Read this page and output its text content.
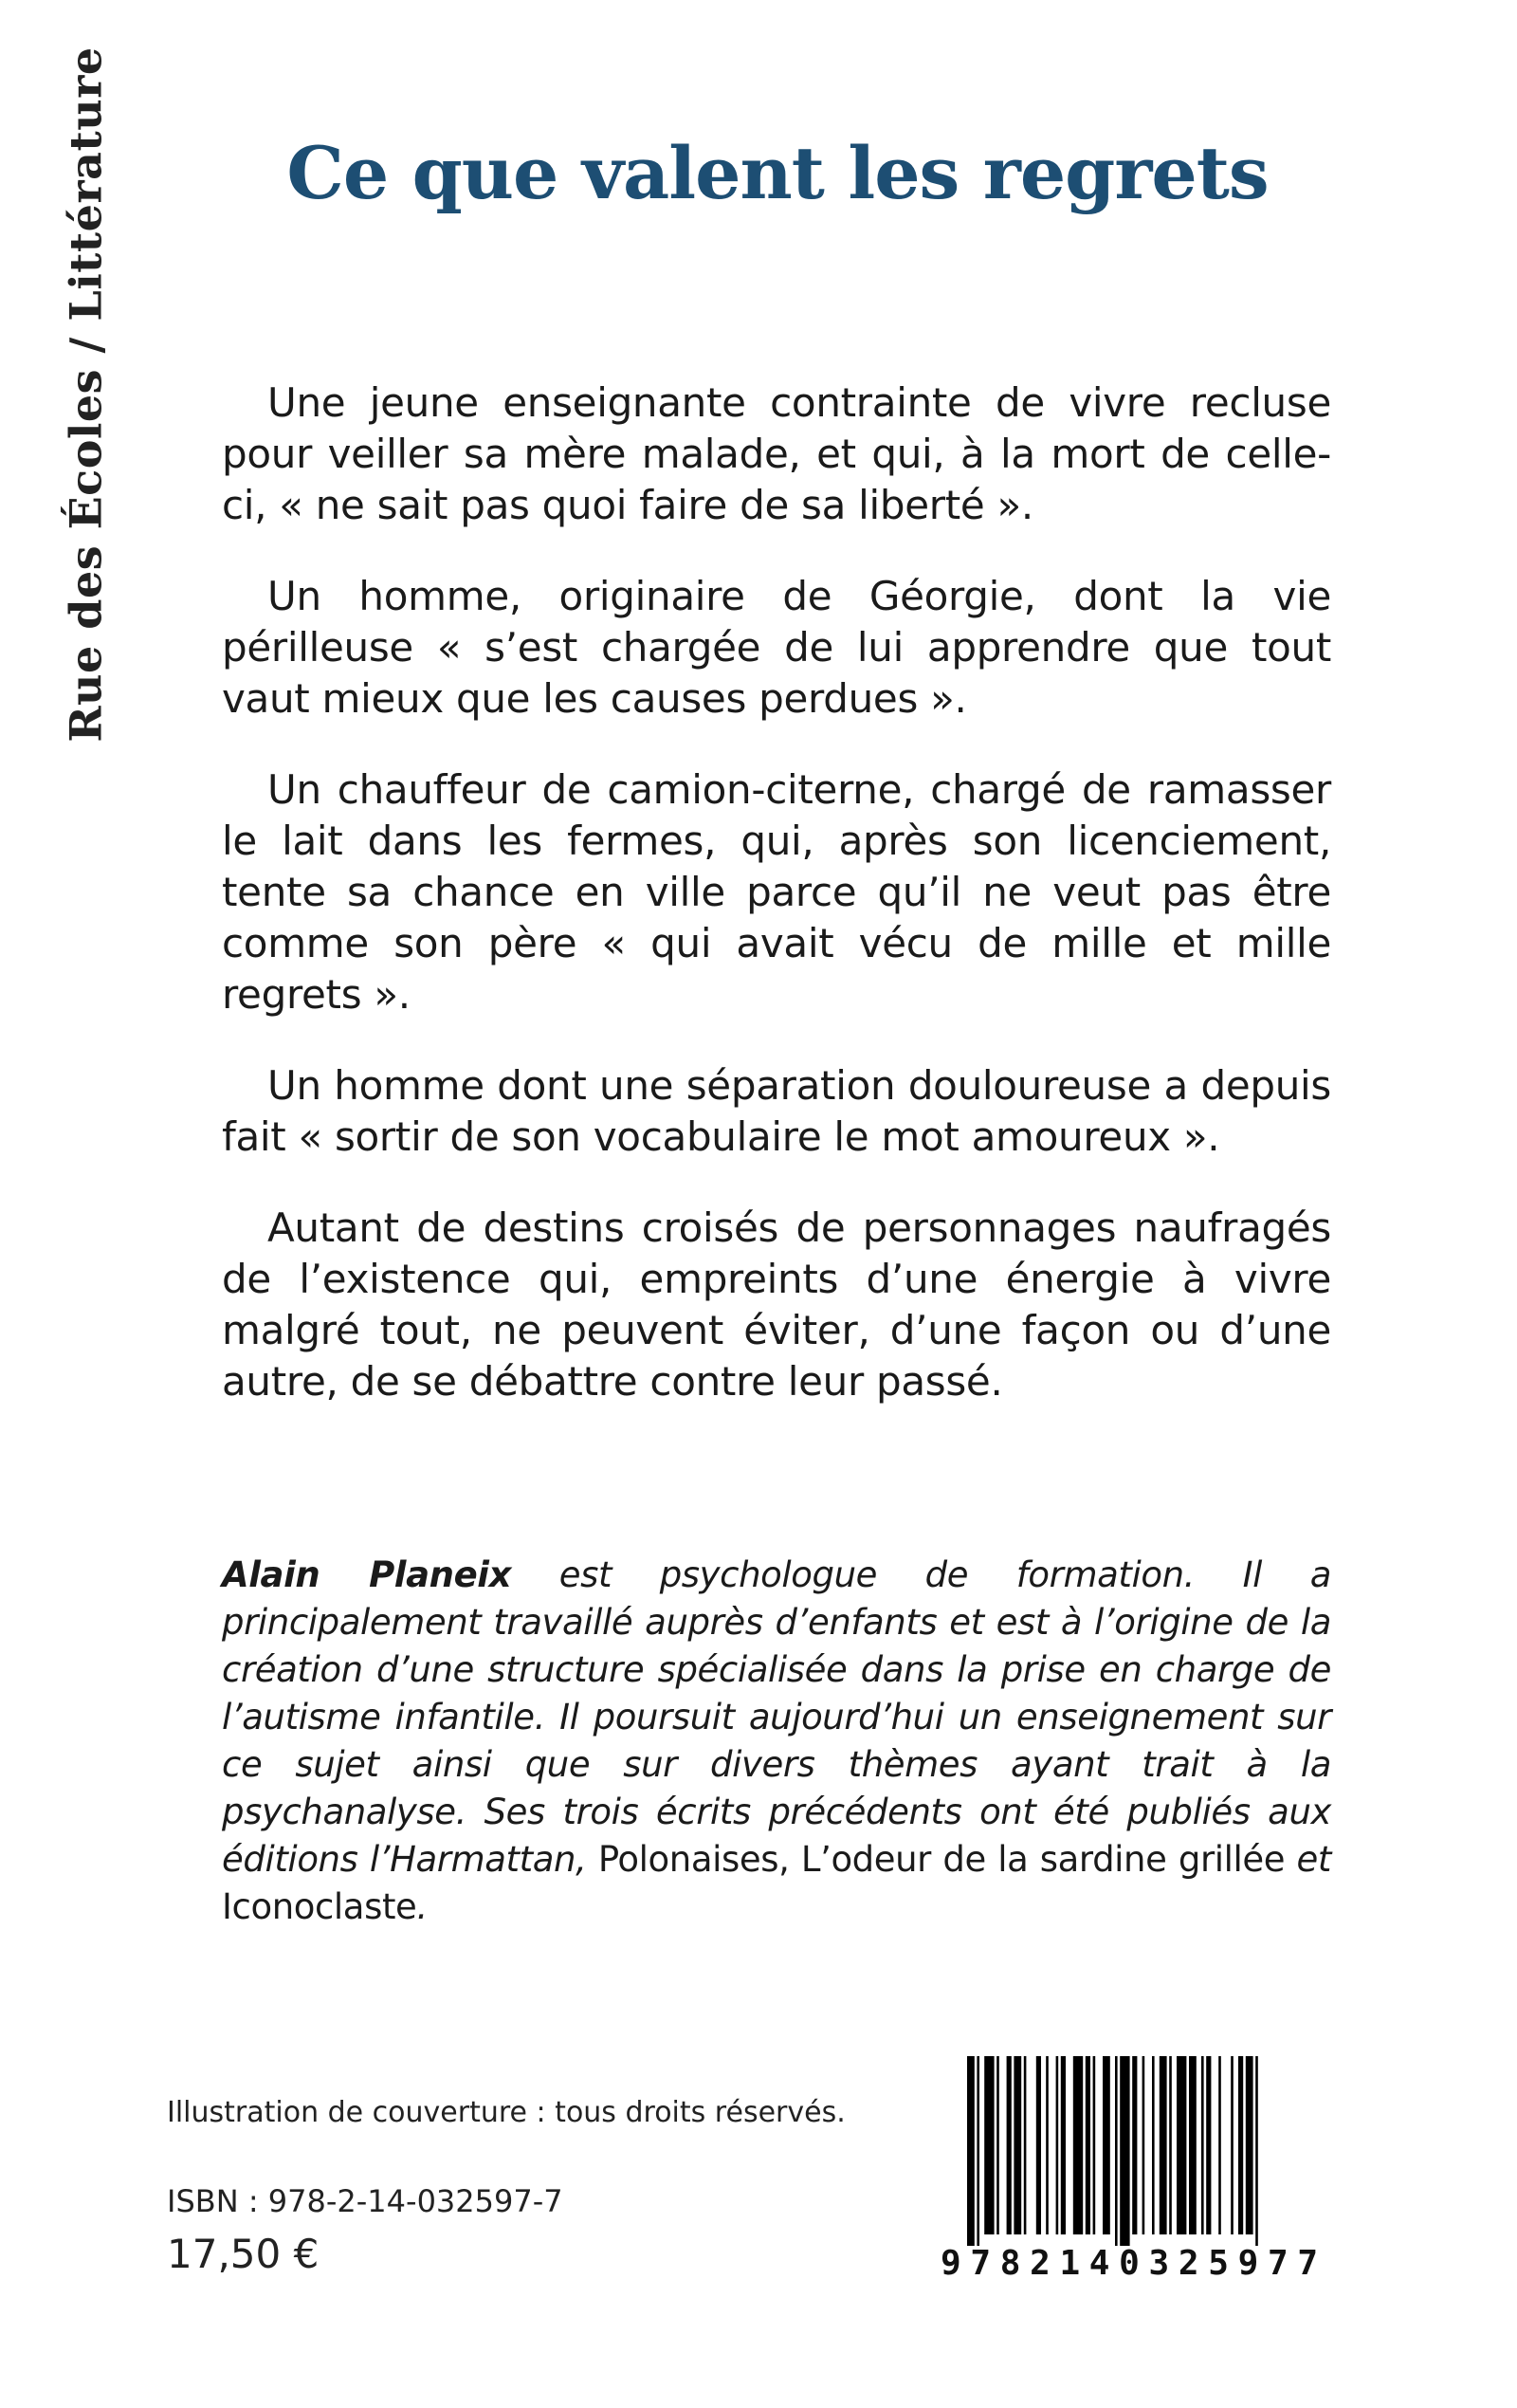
Rue des Écoles / Littérature	Ce que valent les regrets

Une jeune enseignante contrainte de vivre recluse pour veiller sa mère malade, et qui, à la mort de celle-ci, « ne sait pas quoi faire de sa liberté ».

Un homme, originaire de Géorgie, dont la vie périlleuse « s’est chargée de lui apprendre que tout vaut mieux que les causes perdues ».

Un chauffeur de camion-citerne, chargé de ramasser le lait dans les fermes, qui, après son licenciement, tente sa chance en ville parce qu’il ne veut pas être comme son père « qui avait vécu de mille et mille regrets ».

Un homme dont une séparation douloureuse a depuis fait « sortir de son vocabulaire le mot amoureux ».

Autant de destins croisés de personnages naufragés de l’existence qui, empreints d’une énergie à vivre malgré tout, ne peuvent éviter, d’une façon ou d’une autre, de se débattre contre leur passé.

Alain Planeix est psychologue de formation. Il a principalement travaillé auprès d’enfants et est à l’origine de la création d’une structure spécialisée dans la prise en charge de l’autisme infantile. Il poursuit aujourd’hui un enseignement sur ce sujet ainsi que sur divers thèmes ayant trait à la psychanalyse. Ses trois écrits précédents ont été publiés aux éditions l’Harmattan, Polonaises, L’odeur de la sardine grillée et Iconoclaste.

Illustration de couverture : tous droits réservés.

ISBN : 978-2-14-032597-7

17,50 €	9 7 8 2 1 4 0 3 2 5 9 7 7
